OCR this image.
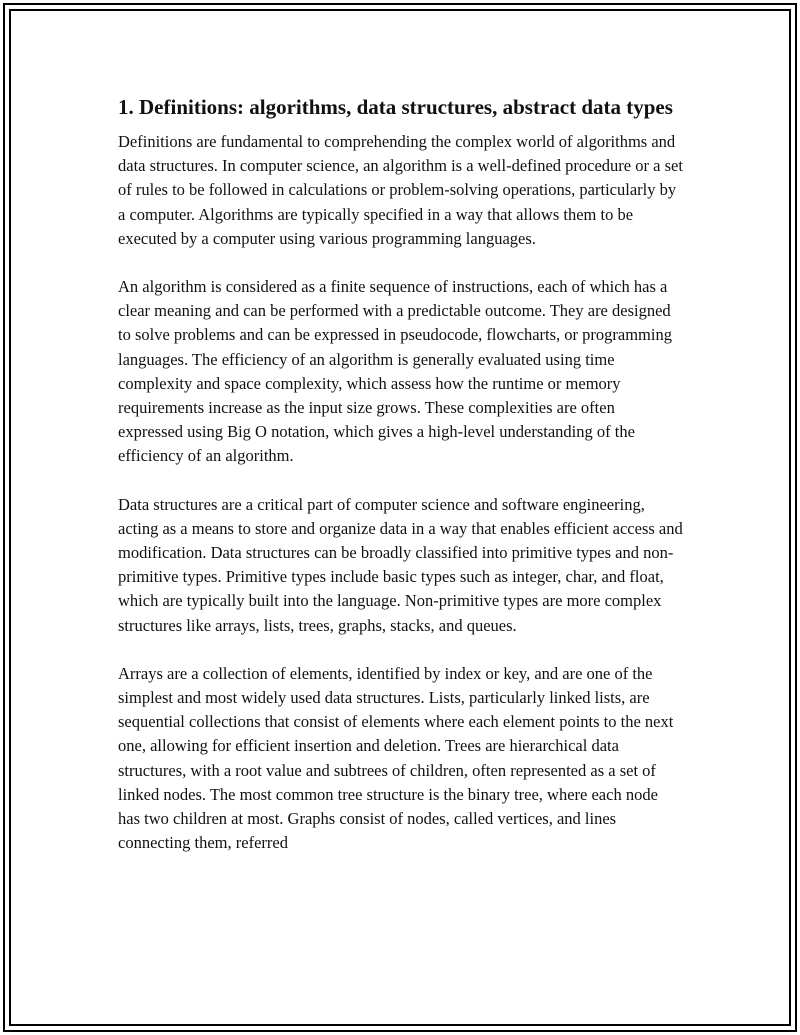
1. Definitions: algorithms, data structures, abstract data types

Definitions are fundamental to comprehending the complex world of algorithms and data structures. In computer science, an algorithm is a well-defined procedure or a set of rules to be followed in calculations or problem-solving operations, particularly by a computer. Algorithms are typically specified in a way that allows them to be executed by a computer using various programming languages.

An algorithm is considered as a finite sequence of instructions, each of which has a clear meaning and can be performed with a predictable outcome. They are designed to solve problems and can be expressed in pseudocode, flowcharts, or programming languages. The efficiency of an algorithm is generally evaluated using time complexity and space complexity, which assess how the runtime or memory requirements increase as the input size grows. These complexities are often expressed using Big O notation, which gives a high-level understanding of the efficiency of an algorithm.

Data structures are a critical part of computer science and software engineering, acting as a means to store and organize data in a way that enables efficient access and modification. Data structures can be broadly classified into primitive types and non-primitive types. Primitive types include basic types such as integer, char, and float, which are typically built into the language. Non-primitive types are more complex structures like arrays, lists, trees, graphs, stacks, and queues.

Arrays are a collection of elements, identified by index or key, and are one of the simplest and most widely used data structures. Lists, particularly linked lists, are sequential collections that consist of elements where each element points to the next one, allowing for efficient insertion and deletion. Trees are hierarchical data structures, with a root value and subtrees of children, often represented as a set of linked nodes. The most common tree structure is the binary tree, where each node has two children at most. Graphs consist of nodes, called vertices, and lines connecting them, referred
